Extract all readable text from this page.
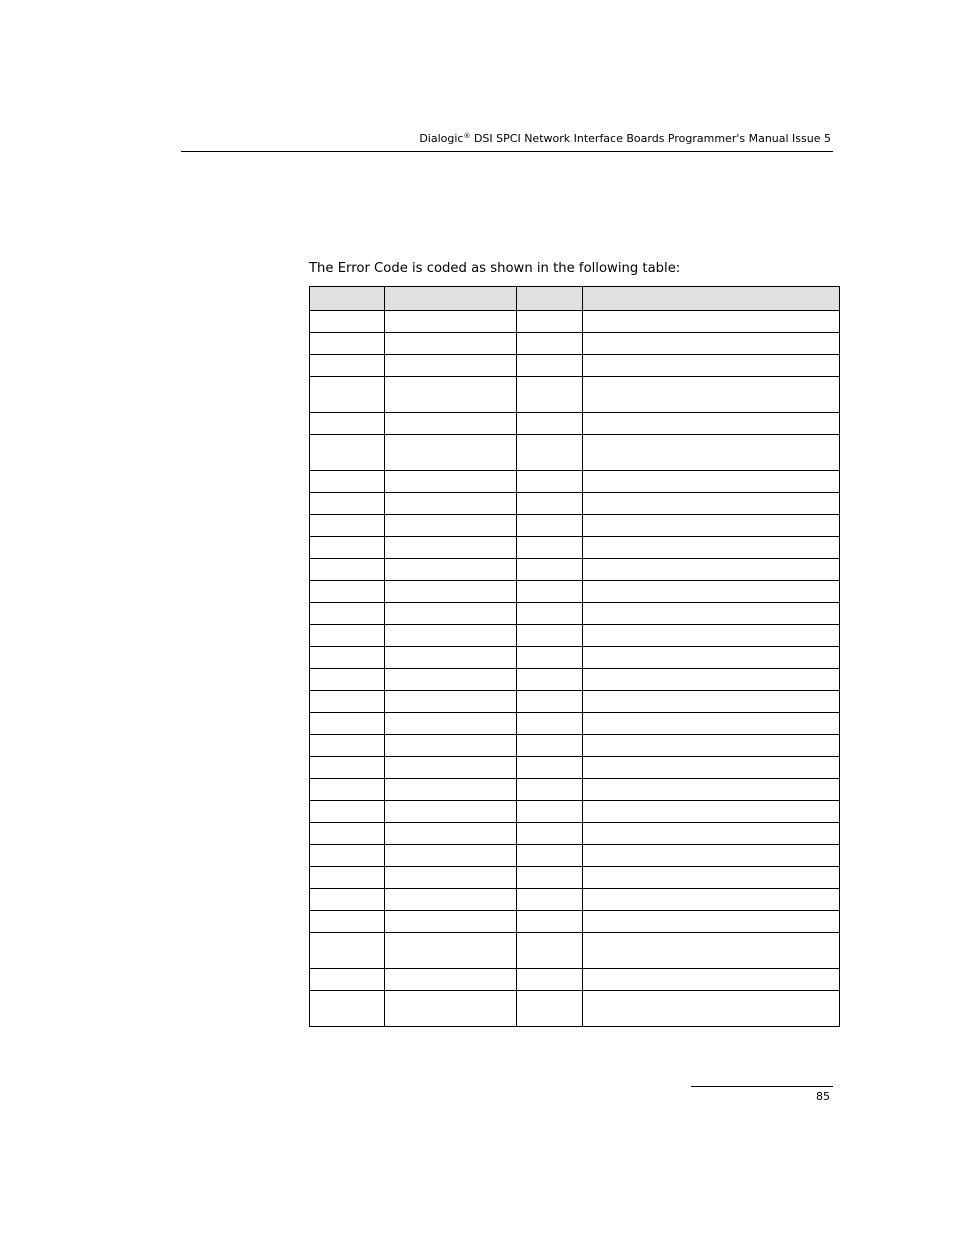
Dialogic® DSI SPCI Network Interface Boards Programmer's Manual Issue 5
The Error Code is coded as shown in the following table:

85
